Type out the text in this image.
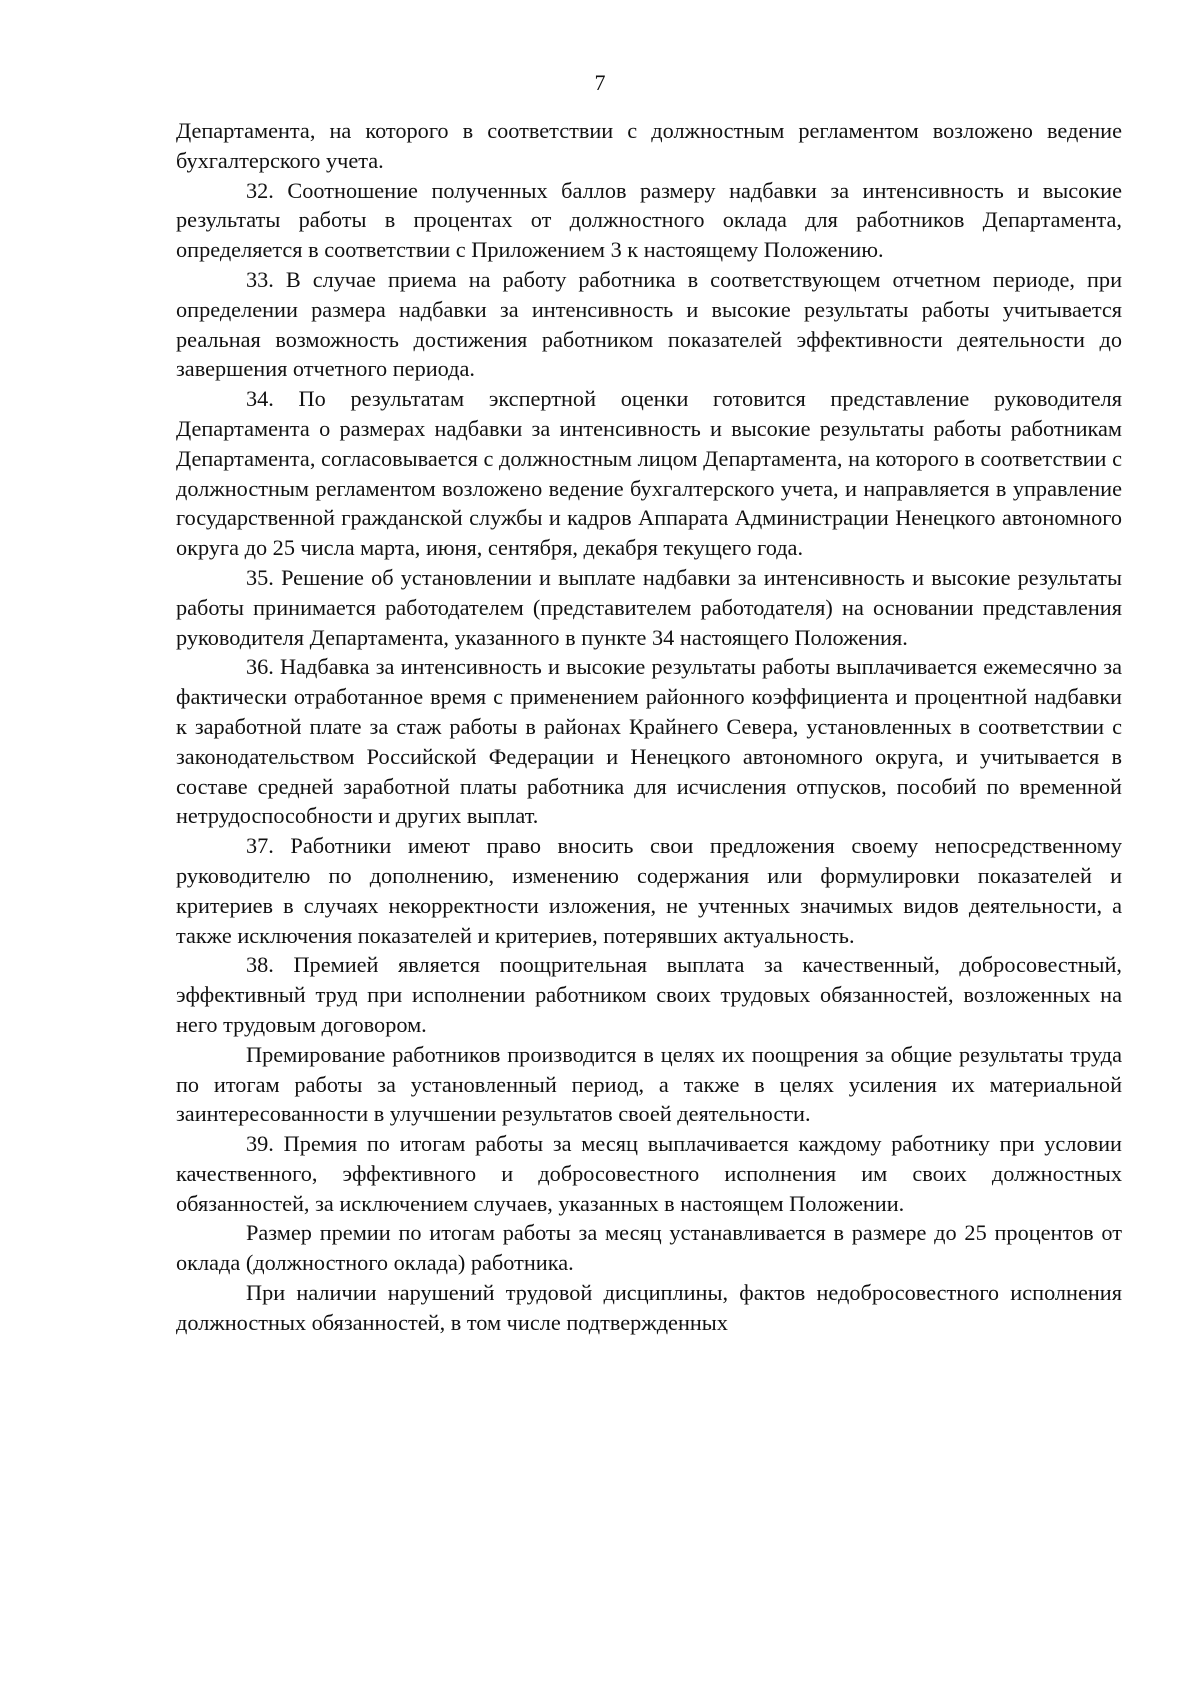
7

Департамента, на которого в соответствии с должностным регламентом возложено ведение бухгалтерского учета.

32. Соотношение полученных баллов размеру надбавки за интенсивность и высокие результаты работы в процентах от должностного оклада для работников Департамента, определяется в соответствии с Приложением 3 к настоящему Положению.

33. В случае приема на работу работника в соответствующем отчетном периоде, при определении размера надбавки за интенсивность и высокие результаты работы учитывается реальная возможность достижения работником показателей эффективности деятельности до завершения отчетного периода.

34. По результатам экспертной оценки готовится представление руководителя Департамента о размерах надбавки за интенсивность и высокие результаты работы работникам Департамента, согласовывается с должностным лицом Департамента, на которого в соответствии с должностным регламентом возложено ведение бухгалтерского учета, и направляется в управление государственной гражданской службы и кадров Аппарата Администрации Ненецкого автономного округа до 25 числа марта, июня, сентября, декабря текущего года.

35. Решение об установлении и выплате надбавки за интенсивность и высокие результаты работы принимается работодателем (представителем работодателя) на основании представления руководителя Департамента, указанного в пункте 34 настоящего Положения.

36. Надбавка за интенсивность и высокие результаты работы выплачивается ежемесячно за фактически отработанное время с применением районного коэффициента и процентной надбавки к заработной плате за стаж работы в районах Крайнего Севера, установленных в соответствии с законодательством Российской Федерации и Ненецкого автономного округа, и учитывается в составе средней заработной платы работника для исчисления отпусков, пособий по временной нетрудоспособности и других выплат.

37. Работники имеют право вносить свои предложения своему непосредственному руководителю по дополнению, изменению содержания или формулировки показателей и критериев в случаях некорректности изложения, не учтенных значимых видов деятельности, а также исключения показателей и критериев, потерявших актуальность.

38. Премией является поощрительная выплата за качественный, добросовестный, эффективный труд при исполнении работником своих трудовых обязанностей, возложенных на него трудовым договором.

Премирование работников производится в целях их поощрения за общие результаты труда по итогам работы за установленный период, а также в целях усиления их материальной заинтересованности в улучшении результатов своей деятельности.

39. Премия по итогам работы за месяц выплачивается каждому работнику при условии качественного, эффективного и добросовестного исполнения им своих должностных обязанностей, за исключением случаев, указанных в настоящем Положении.

Размер премии по итогам работы за месяц устанавливается в размере до 25 процентов от оклада (должностного оклада) работника.

При наличии нарушений трудовой дисциплины, фактов недобросовестного исполнения должностных обязанностей, в том числе подтвержденных
